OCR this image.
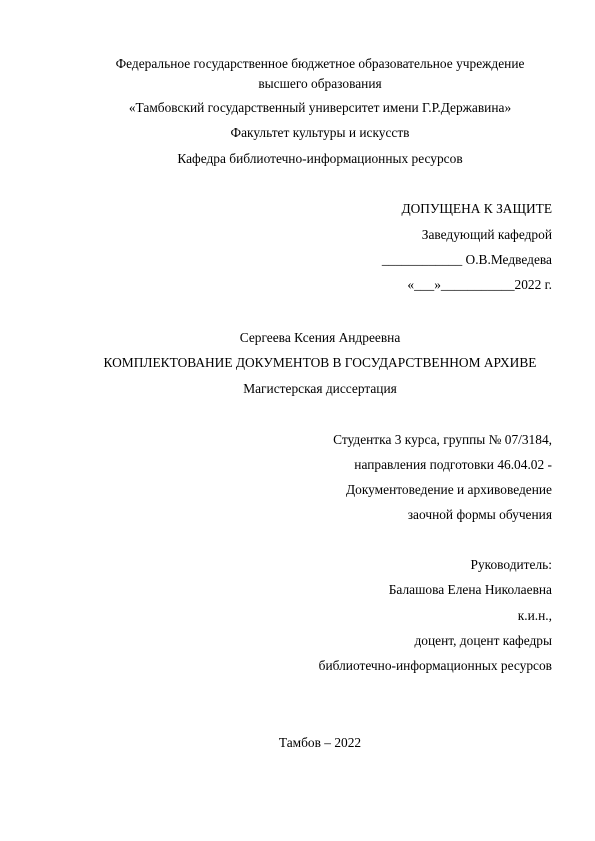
Федеральное государственное бюджетное образовательное учреждение
высшего образования
«Тамбовский государственный университет имени Г.Р.Державина»
Факультет культуры и искусств
Кафедра библиотечно-информационных ресурсов
ДОПУЩЕНА К ЗАЩИТЕ
Заведующий кафедрой
____________ О.В.Медведева
«___»___________2022 г.
Сергеева Ксения Андреевна
КОМПЛЕКТОВАНИЕ ДОКУМЕНТОВ В ГОСУДАРСТВЕННОМ АРХИВЕ
Магистерская диссертация
Студентка 3 курса, группы № 07/3184,
направления подготовки 46.04.02 -
Документоведение и архивоведение
заочной формы обучения
Руководитель:
Балашова Елена Николаевна
к.и.н.,
доцент, доцент кафедры
библиотечно-информационных ресурсов
Тамбов – 2022
